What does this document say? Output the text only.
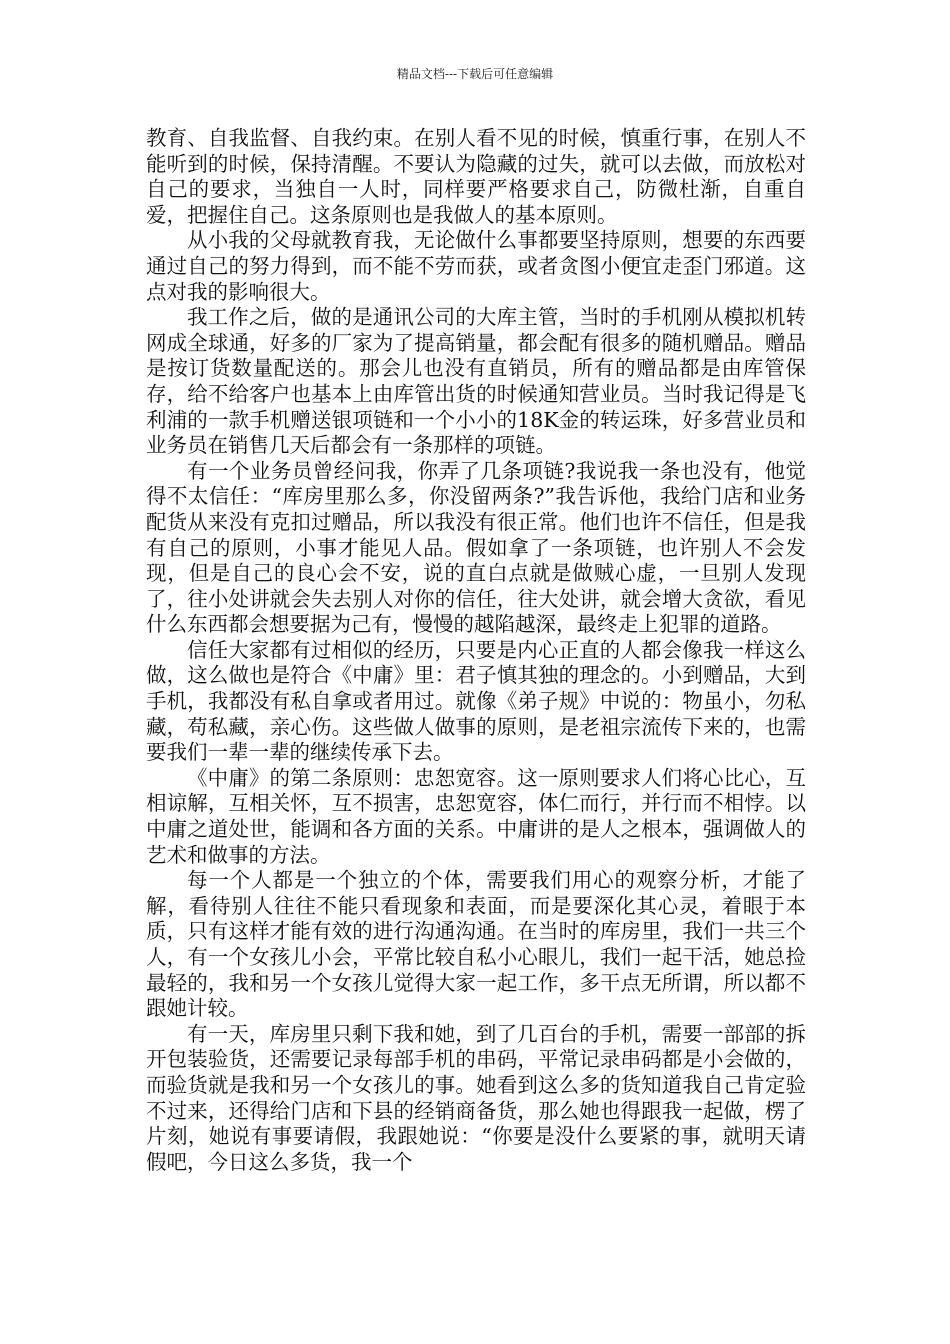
精品文档---下载后可任意编辑

教育、自我监督、自我约束。在别人看不见的时候，慎重行事，在别人不能听到的时候，保持清醒。不要认为隐藏的过失，就可以去做，而放松对自己的要求，当独自一人时，同样要严格要求自己，防微杜渐，自重自爱，把握住自己。这条原则也是我做人的基本原则。

从小我的父母就教育我，无论做什么事都要坚持原则，想要的东西要通过自己的努力得到，而不能不劳而获，或者贪图小便宜走歪门邪道。这点对我的影响很大。

我工作之后，做的是通讯公司的大库主管，当时的手机刚从模拟机转网成全球通，好多的厂家为了提高销量，都会配有很多的随机赠品。赠品是按订货数量配送的。那会儿也没有直销员，所有的赠品都是由库管保存，给不给客户也基本上由库管出货的时候通知营业员。当时我记得是飞利浦的一款手机赠送银项链和一个小小的18K金的转运珠，好多营业员和业务员在销售几天后都会有一条那样的项链。

有一个业务员曾经问我，你弄了几条项链?我说我一条也没有，他觉得不太信任：“库房里那么多，你没留两条?”我告诉他，我给门店和业务配货从来没有克扣过赠品，所以我没有很正常。他们也许不信任，但是我有自己的原则，小事才能见人品。假如拿了一条项链，也许别人不会发现，但是自己的良心会不安，说的直白点就是做贼心虚，一旦别人发现了，往小处讲就会失去别人对你的信任，往大处讲，就会增大贪欲，看见什么东西都会想要据为己有，慢慢的越陷越深，最终走上犯罪的道路。

信任大家都有过相似的经历，只要是内心正直的人都会像我一样这么做，这么做也是符合《中庸》里：君子慎其独的理念的。小到赠品，大到手机，我都没有私自拿或者用过。就像《弟子规》中说的：物虽小，勿私藏，苟私藏，亲心伤。这些做人做事的原则，是老祖宗流传下来的，也需要我们一辈一辈的继续传承下去。

《中庸》的第二条原则：忠恕宽容。这一原则要求人们将心比心，互相谅解，互相关怀，互不损害，忠恕宽容，体仁而行，并行而不相悖。以中庸之道处世，能调和各方面的关系。中庸讲的是人之根本，强调做人的艺术和做事的方法。

每一个人都是一个独立的个体，需要我们用心的观察分析，才能了解，看待别人往往不能只看现象和表面，而是要深化其心灵，着眼于本质，只有这样才能有效的进行沟通沟通。在当时的库房里，我们一共三个人，有一个女孩儿小会，平常比较自私小心眼儿，我们一起干活，她总捡最轻的，我和另一个女孩儿觉得大家一起工作，多干点无所谓，所以都不跟她计较。

有一天，库房里只剩下我和她，到了几百台的手机，需要一部部的拆开包装验货，还需要记录每部手机的串码，平常记录串码都是小会做的，而验货就是我和另一个女孩儿的事。她看到这么多的货知道我自己肯定验不过来，还得给门店和下县的经销商备货，那么她也得跟我一起做，楞了片刻，她说有事要请假，我跟她说：“你要是没什么要紧的事，就明天请假吧，今日这么多货，我一个
